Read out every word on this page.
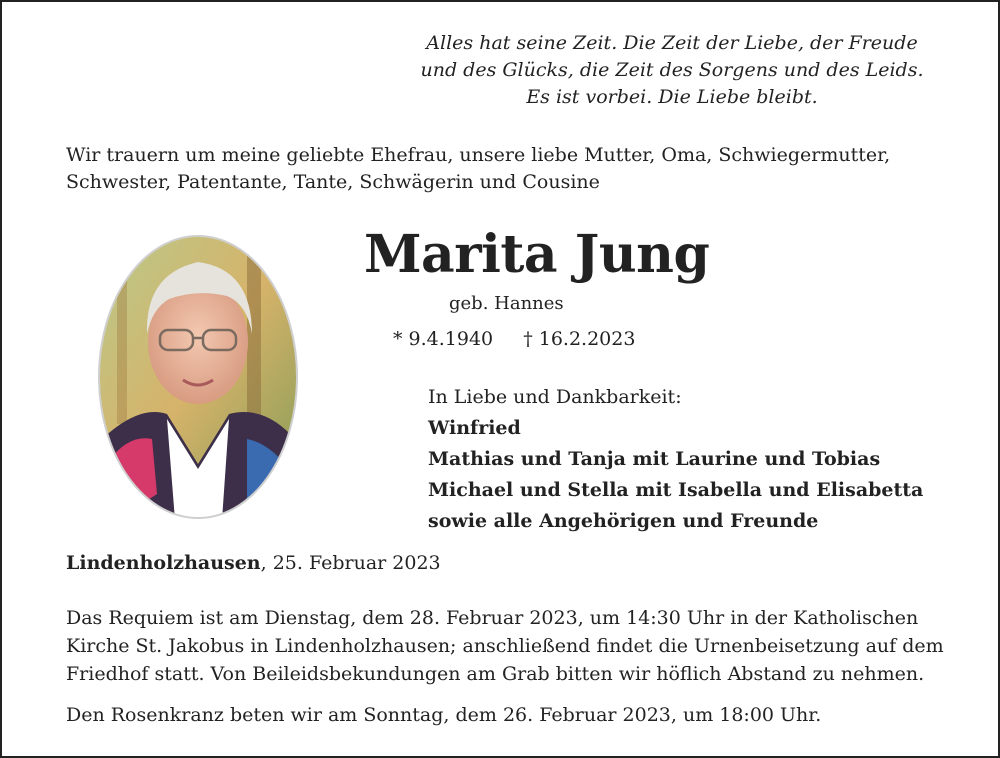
Alles hat seine Zeit. Die Zeit der Liebe, der Freude
und des Glücks, die Zeit des Sorgens und des Leids.
Es ist vorbei. Die Liebe bleibt.
Wir trauern um meine geliebte Ehefrau, unsere liebe Mutter, Oma, Schwiegermutter,
Schwester, Patentante, Tante, Schwägerin und Cousine
Marita Jung
geb. Hannes
* 9.4.1940 † 16.2.2023
In Liebe und Dankbarkeit:
Winfried
Mathias und Tanja mit Laurine und Tobias
Michael und Stella mit Isabella und Elisabetta
sowie alle Angehörigen und Freunde
Lindenholzhausen, 25. Februar 2023
Das Requiem ist am Dienstag, dem 28. Februar 2023, um 14:30 Uhr in der Katholischen
Kirche St. Jakobus in Lindenholzhausen; anschließend findet die Urnenbeisetzung auf dem
Friedhof statt. Von Beileidsbekundungen am Grab bitten wir höflich Abstand zu nehmen.
Den Rosenkranz beten wir am Sonntag, dem 26. Februar 2023, um 18:00 Uhr.
